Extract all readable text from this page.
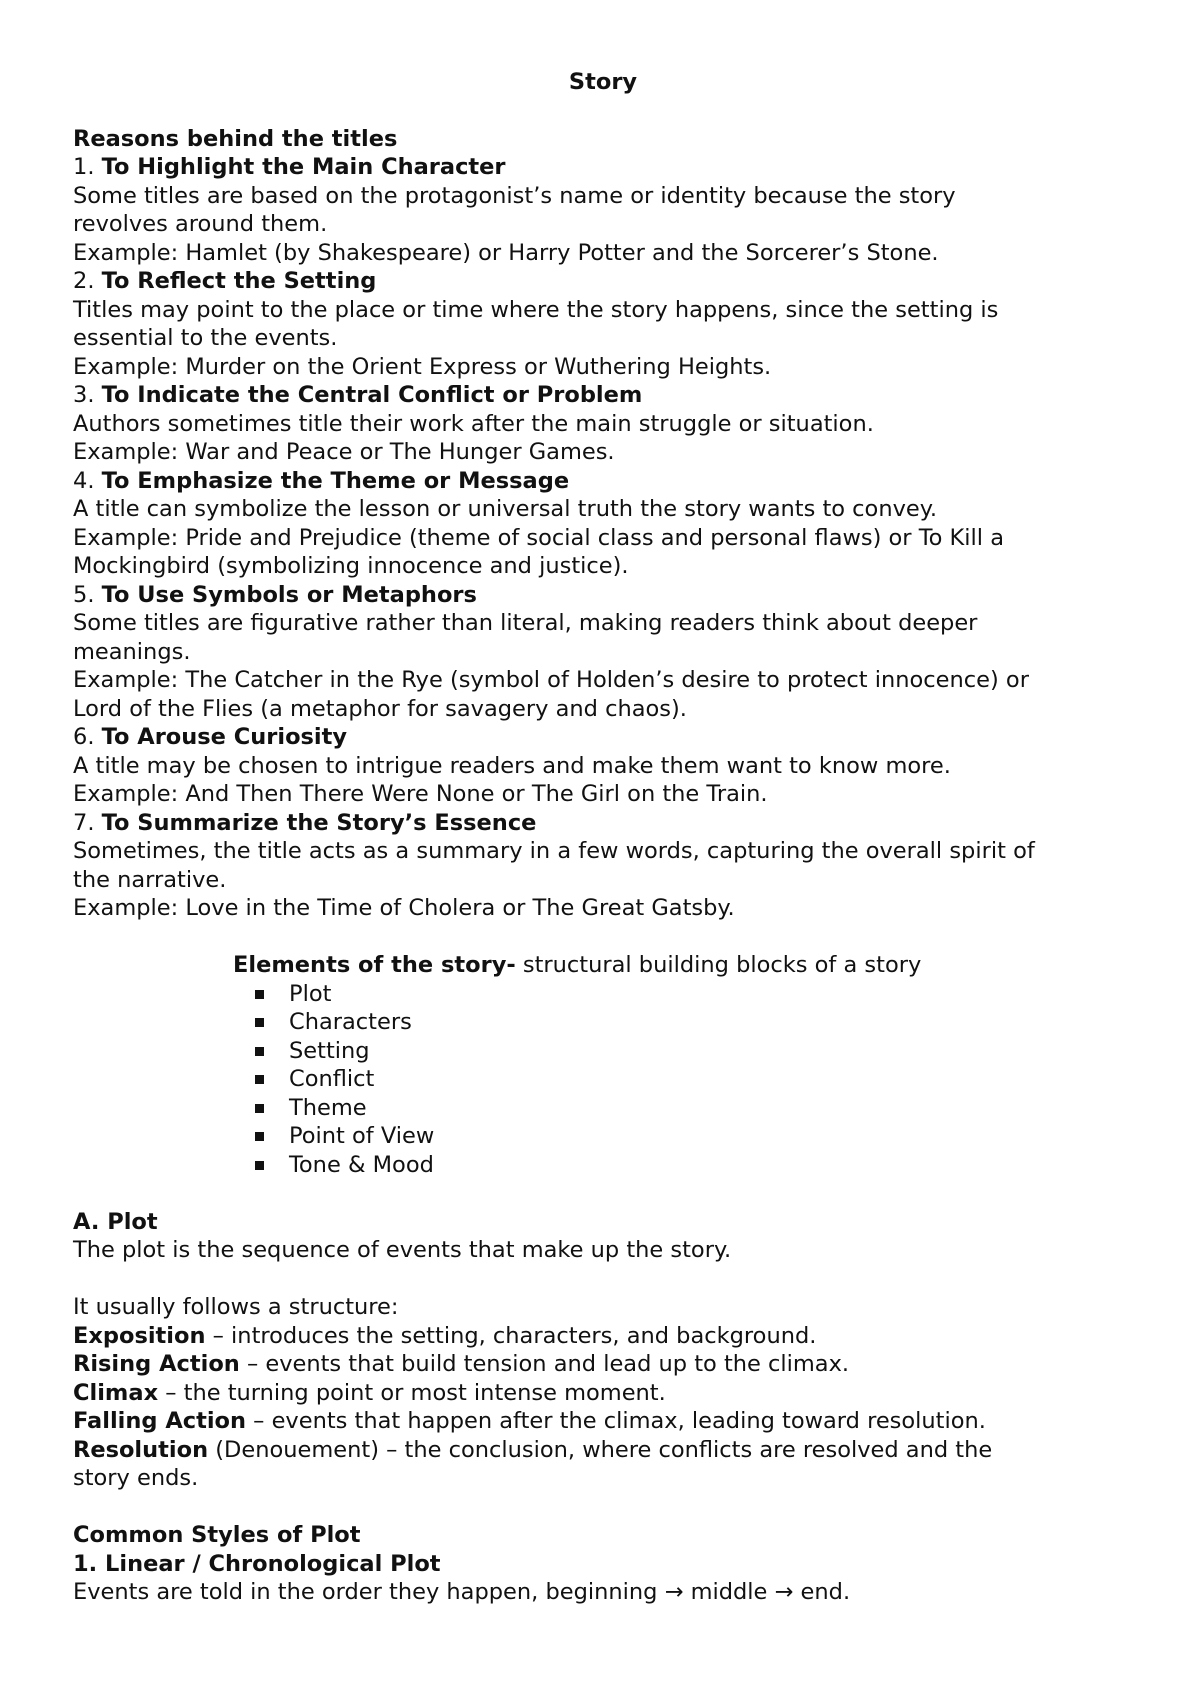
Story
Reasons behind the titles
1. To Highlight the Main Character
Some titles are based on the protagonist’s name or identity because the story
revolves around them.
Example: Hamlet (by Shakespeare) or Harry Potter and the Sorcerer’s Stone.
2. To Reflect the Setting
Titles may point to the place or time where the story happens, since the setting is
essential to the events.
Example: Murder on the Orient Express or Wuthering Heights.
3. To Indicate the Central Conflict or Problem
Authors sometimes title their work after the main struggle or situation.
Example: War and Peace or The Hunger Games.
4. To Emphasize the Theme or Message
A title can symbolize the lesson or universal truth the story wants to convey.
Example: Pride and Prejudice (theme of social class and personal flaws) or To Kill a
Mockingbird (symbolizing innocence and justice).
5. To Use Symbols or Metaphors
Some titles are figurative rather than literal, making readers think about deeper
meanings.
Example: The Catcher in the Rye (symbol of Holden’s desire to protect innocence) or
Lord of the Flies (a metaphor for savagery and chaos).
6. To Arouse Curiosity
A title may be chosen to intrigue readers and make them want to know more.
Example: And Then There Were None or The Girl on the Train.
7. To Summarize the Story’s Essence
Sometimes, the title acts as a summary in a few words, capturing the overall spirit of
the narrative.
Example: Love in the Time of Cholera or The Great Gatsby.
Elements of the story- structural building blocks of a story
Plot
Characters
Setting
Conflict
Theme
Point of View
Tone & Mood
A. Plot
The plot is the sequence of events that make up the story.
It usually follows a structure:
Exposition – introduces the setting, characters, and background.
Rising Action – events that build tension and lead up to the climax.
Climax – the turning point or most intense moment.
Falling Action – events that happen after the climax, leading toward resolution.
Resolution (Denouement) – the conclusion, where conflicts are resolved and the
story ends.
Common Styles of Plot
1. Linear / Chronological Plot
Events are told in the order they happen, beginning → middle → end.
